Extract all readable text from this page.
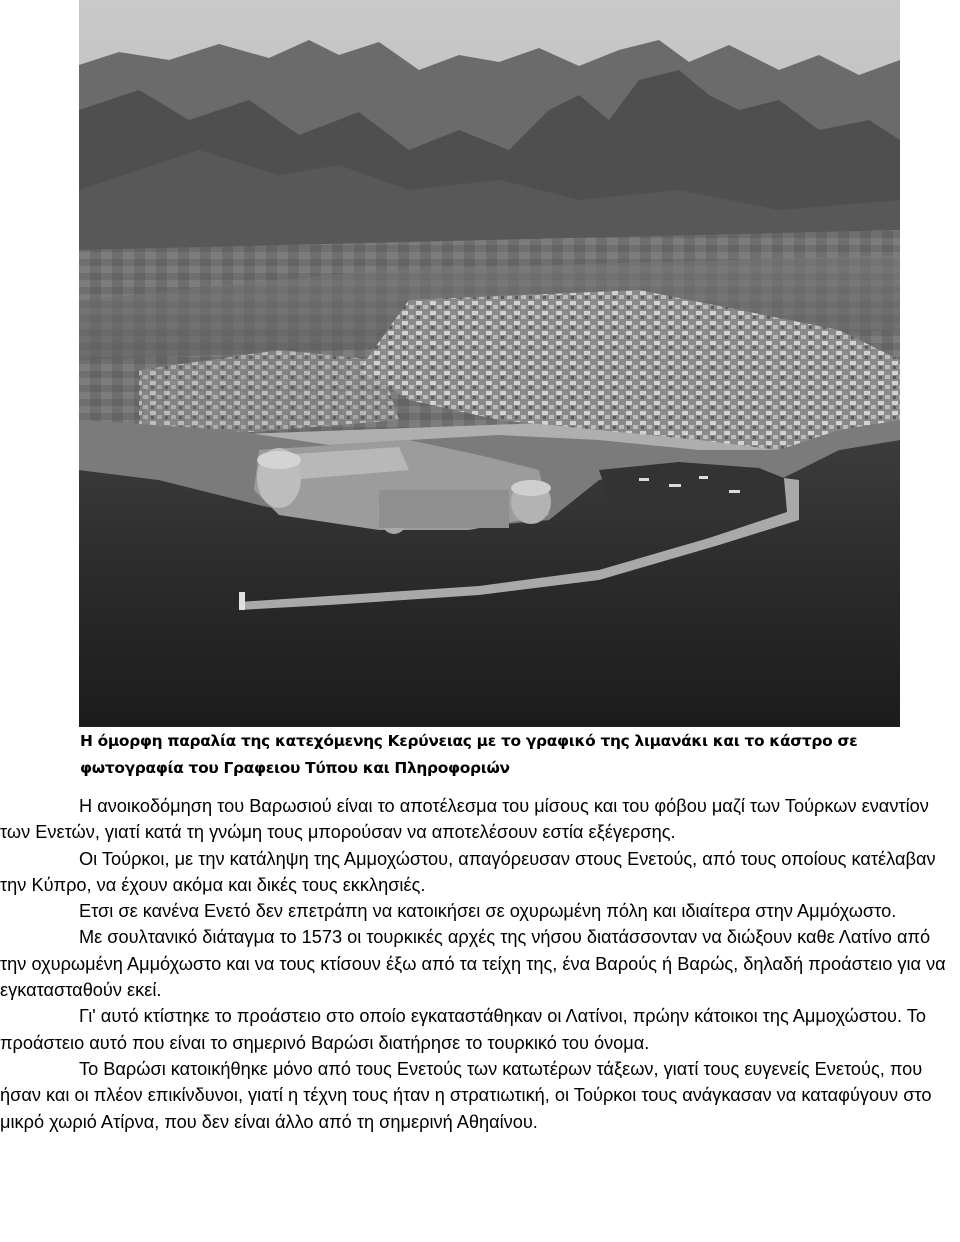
Η όμορφη παραλία της κατεχόμενης Κερύνειας με το γραφικό της λιμανάκι και το κάστρο σε φωτογραφία του Γραφειου Τύπου και Πληροφοριών

Η ανοικοδόμηση του Βαρωσιού είναι το αποτέλεσμα του μίσους και του φόβου μαζί των Τούρκων εναντίον των Ενετών, γιατί κατά τη γνώμη τους μπορούσαν να αποτελέσουν εστία εξέγερσης.

Οι Τούρκοι, με την κατάληψη της Αμμοχώστου, απαγόρευσαν στους Ενετούς, από τους οποίους κατέλαβαν την Κύπρο, να έχουν ακόμα και δικές τους εκκλησιές.

Ετσι σε κανένα Ενετό δεν επετράπη να κατοικήσει σε οχυρωμένη πόλη και ιδιαίτερα στην Αμμόχωστο.

Με σουλτανικό διάταγμα το 1573 οι τουρκικές αρχές της νήσου διατάσσονταν να διώξουν καθε Λατίνο από την οχυρωμένη Αμμόχωστο και να τους κτίσουν έξω από τα τείχη της, ένα Βαρούς ή Βαρώς, δηλαδή προάστειο για να εγκατασταθούν εκεί.

Γι' αυτό κτίστηκε το προάστειο στο οποίο εγκαταστάθηκαν οι Λατίνοι, πρώην κάτοικοι της Αμμοχώστου. Το προάστειο αυτό που είναι το σημερινό Βαρώσι διατήρησε το τουρκικό του όνομα.

Το Βαρώσι κατοικήθηκε μόνο από τους Ενετούς των κατωτέρων τάξεων, γιατί τους ευγενείς Ενετούς, που ήσαν και οι πλέον επικίνδυνοι, γιατί η τέχνη τους ήταν η στρατιωτική, οι Τούρκοι τους ανάγκασαν να καταφύγουν στο μικρό χωριό Ατίρνα, που δεν είναι άλλο από τη σημερινή Αθηαίνου.
